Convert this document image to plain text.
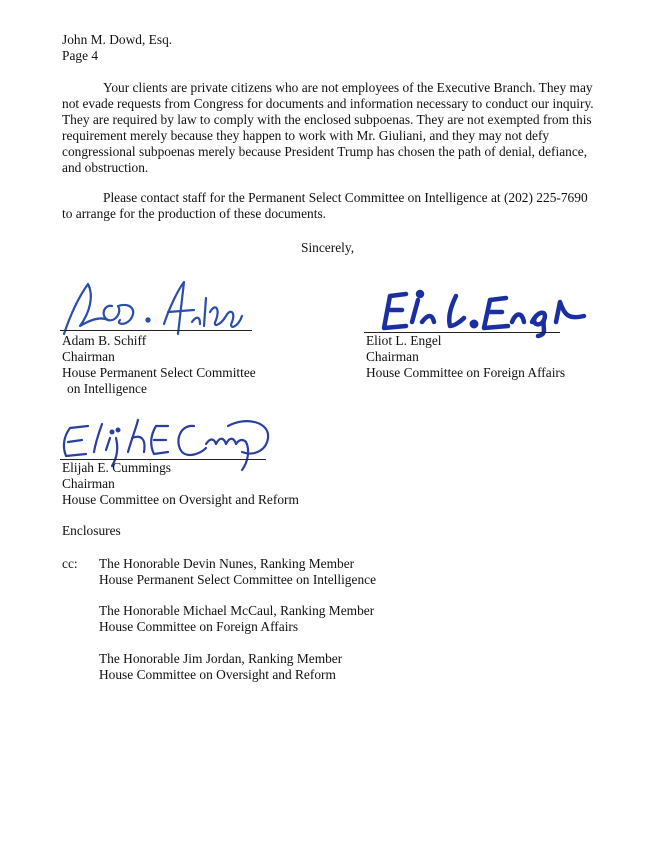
John M. Dowd, Esq.
Page 4

Your clients are private citizens who are not employees of the Executive Branch. They may not evade requests from Congress for documents and information necessary to conduct our inquiry. They are required by law to comply with the enclosed subpoenas. They are not exempted from this requirement merely because they happen to work with Mr. Giuliani, and they may not defy congressional subpoenas merely because President Trump has chosen the path of denial, defiance, and obstruction.

Please contact staff for the Permanent Select Committee on Intelligence at (202) 225-7690 to arrange for the production of these documents.

Sincerely,
Adam B. Schiff
Chairman
House Permanent Select Committee
on Intelligence
Eliot L. Engel
Chairman
House Committee on Foreign Affairs
Elijah E. Cummings
Chairman
House Committee on Oversight and Reform
Enclosures
cc: The Honorable Devin Nunes, Ranking Member
House Permanent Select Committee on Intelligence
The Honorable Michael McCaul, Ranking Member
House Committee on Foreign Affairs
The Honorable Jim Jordan, Ranking Member
House Committee on Oversight and Reform
